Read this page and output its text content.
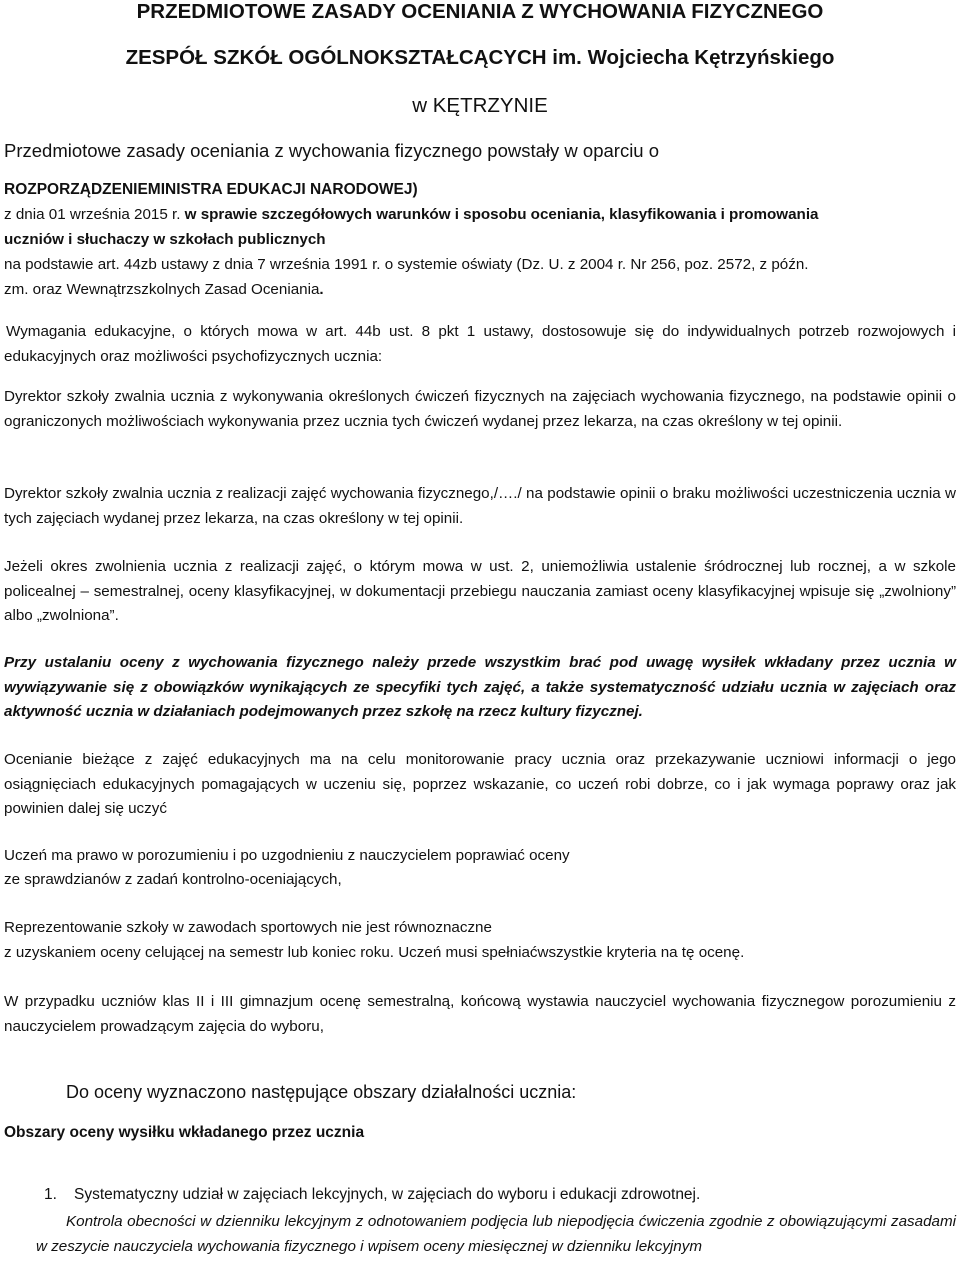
PRZEDMIOTOWE ZASADY OCENIANIA Z WYCHOWANIA FIZYCZNEGO
ZESPÓŁ SZKÓŁ OGÓLNOKSZTAŁCĄCYCH im. Wojciecha Kętrzyńskiego
w KĘTRZYNIE
Przedmiotowe zasady oceniania z wychowania fizycznego powstały w oparciu o
ROZPORZĄDZENIEMINISTRA EDUKACJI NARODOWEJ)
z dnia 01 września 2015 r. w sprawie szczegółowych warunków i sposobu oceniania, klasyfikowania i promowania
uczniów i słuchaczy w szkołach publicznych
na podstawie art. 44zb ustawy z dnia 7 września 1991 r. o systemie oświaty (Dz. U. z 2004 r. Nr 256, poz. 2572, z późn.
zm. oraz Wewnątrzszkolnych Zasad Oceniania.

Wymagania edukacyjne, o których mowa w art. 44b ust. 8 pkt 1 ustawy, dostosowuje się do indywidualnych potrzeb rozwojowych i edukacyjnych oraz możliwości psychofizycznych ucznia:

Dyrektor szkoły zwalnia ucznia z wykonywania określonych ćwiczeń fizycznych na zajęciach wychowania fizycznego, na podstawie opinii o ograniczonych możliwościach wykonywania przez ucznia tych ćwiczeń wydanej przez lekarza, na czas określony w tej opinii.

Dyrektor szkoły zwalnia ucznia z realizacji zajęć wychowania fizycznego,/…./ na podstawie opinii o braku możliwości uczestniczenia ucznia w tych zajęciach wydanej przez lekarza, na czas określony w tej opinii.

Jeżeli okres zwolnienia ucznia z realizacji zajęć, o którym mowa w ust. 2, uniemożliwia ustalenie śródrocznej lub rocznej, a w szkole policealnej – semestralnej, oceny klasyfikacyjnej, w dokumentacji przebiegu nauczania zamiast oceny klasyfikacyjnej wpisuje się „zwolniony” albo „zwolniona”.

Przy ustalaniu oceny z wychowania fizycznego należy przede wszystkim brać pod uwagę wysiłek wkładany przez ucznia w wywiązywanie się z obowiązków wynikających ze specyfiki tych zajęć, a także systematyczność udziału ucznia w zajęciach oraz aktywność ucznia w działaniach podejmowanych przez szkołę na rzecz kultury fizycznej.

Ocenianie bieżące z zajęć edukacyjnych ma na celu monitorowanie pracy ucznia oraz przekazywanie uczniowi informacji o jego osiągnięciach edukacyjnych pomagających w uczeniu się, poprzez wskazanie, co uczeń robi dobrze, co i jak wymaga poprawy oraz jak powinien dalej się uczyć

Uczeń ma prawo w porozumieniu i po uzgodnieniu z nauczycielem poprawiać oceny
ze sprawdzianów z zadań kontrolno-oceniających,
Reprezentowanie szkoły w zawodach sportowych nie jest równoznaczne
z uzyskaniem oceny celującej na semestr lub koniec roku. Uczeń musi spełniaćwszystkie kryteria na tę ocenę.

W przypadku uczniów klas II i III gimnazjum ocenę semestralną, końcową wystawia nauczyciel wychowania fizycznegow porozumieniu z nauczycielem prowadzącym zajęcia do wyboru,

Do oceny wyznaczono następujące obszary działalności ucznia:
Obszary oceny wysiłku wkładanego przez ucznia
1. Systematyczny udział w zajęciach lekcyjnych, w zajęciach do wyboru i edukacji zdrowotnej.

Kontrola obecności w dzienniku lekcyjnym z odnotowaniem podjęcia lub niepodjęcia ćwiczenia zgodnie z obowiązującymi zasadami w zeszycie nauczyciela wychowania fizycznego i wpisem oceny miesięcznej w dzienniku lekcyjnym
